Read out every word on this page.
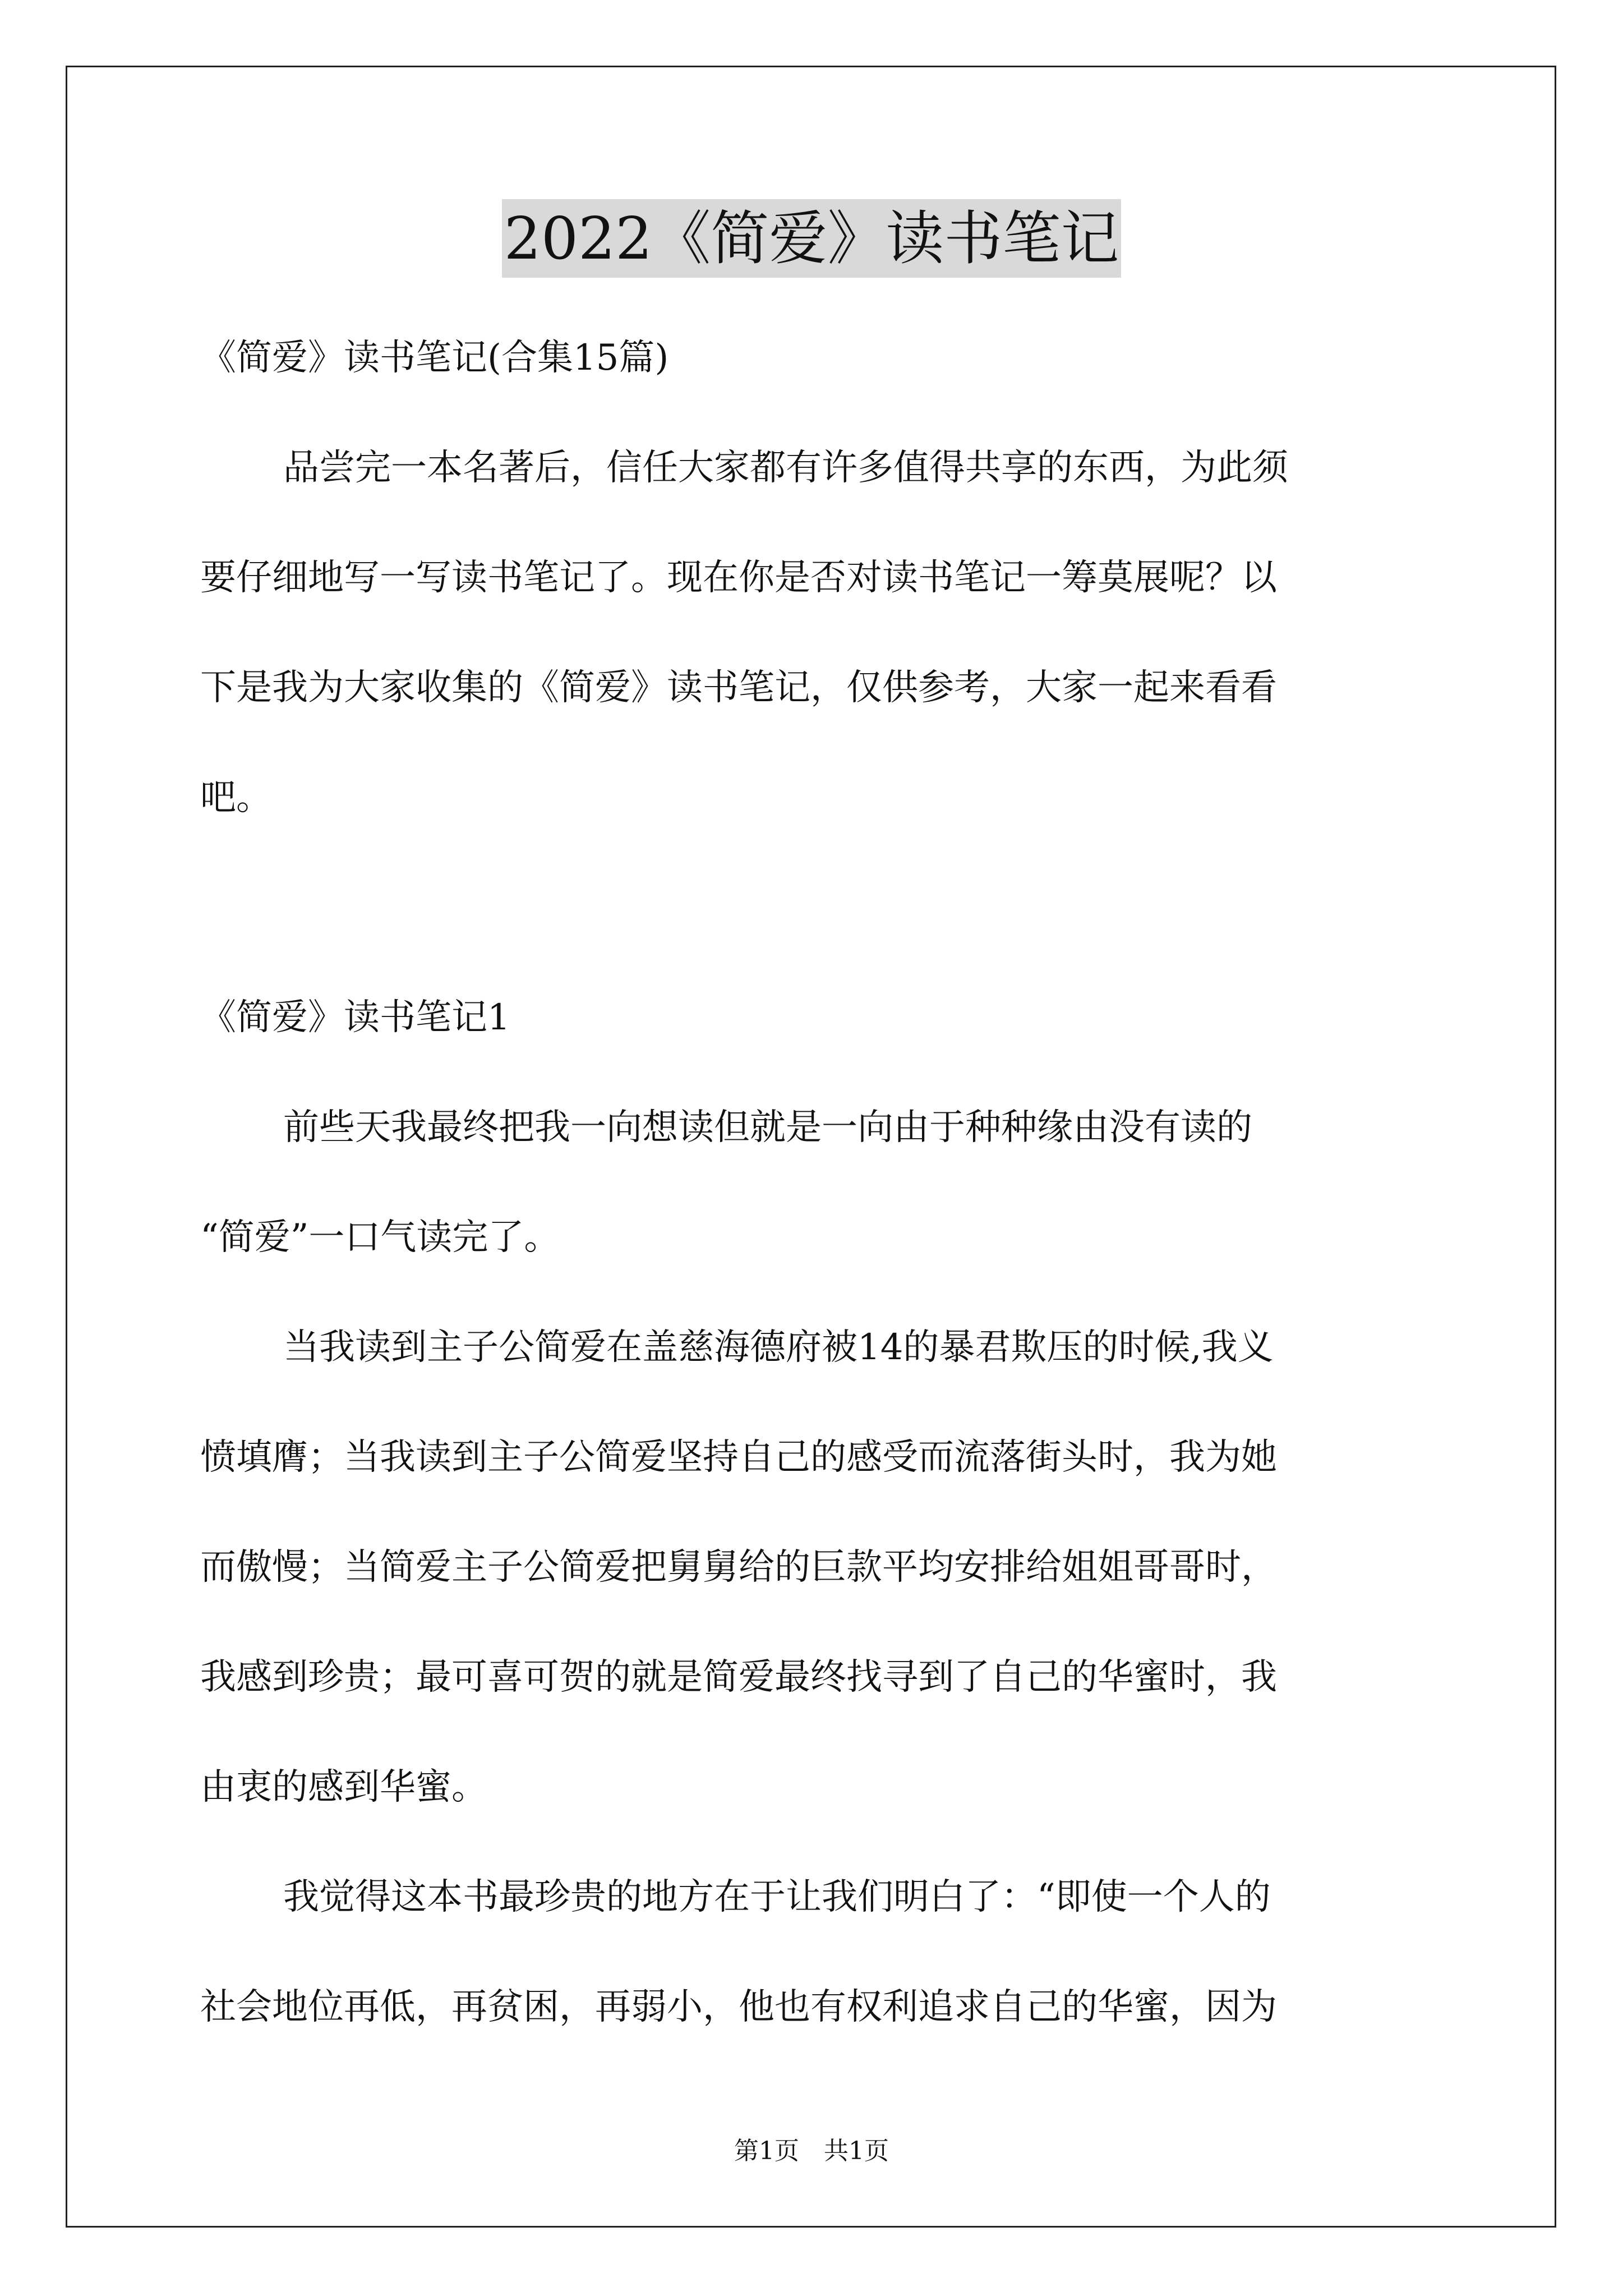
2022《简爱》读书笔记

《简爱》读书笔记(合集15篇)

品尝完一本名著后，信任大家都有许多值得共享的东西，为此须

要仔细地写一写读书笔记了。现在你是否对读书笔记一筹莫展呢？以

下是我为大家收集的《简爱》读书笔记，仅供参考，大家一起来看看

吧。

《简爱》读书笔记1

前些天我最终把我一向想读但就是一向由于种种缘由没有读的

“简爱”一口气读完了。

当我读到主子公简爱在盖慈海德府被14的暴君欺压的时候,我义

愤填膺；当我读到主子公简爱坚持自己的感受而流落街头时，我为她

而傲慢；当简爱主子公简爱把舅舅给的巨款平均安排给姐姐哥哥时，

我感到珍贵；最可喜可贺的就是简爱最终找寻到了自己的华蜜时，我

由衷的感到华蜜。

我觉得这本书最珍贵的地方在于让我们明白了：“即使一个人的

社会地位再低，再贫困，再弱小，他也有权利追求自己的华蜜，因为

第1页 共1页
